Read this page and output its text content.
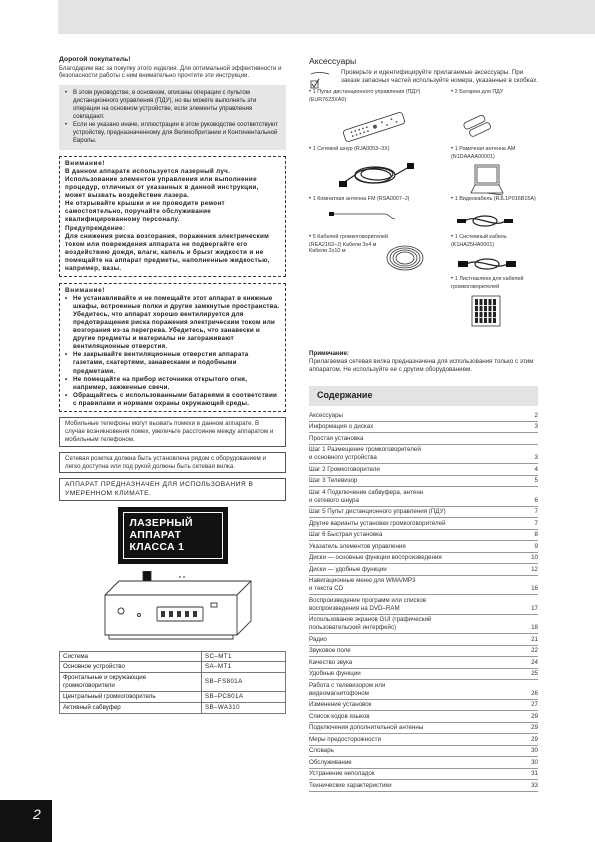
Дорогой покупатель!
Благодарим вас за покупку этого изделия. Для оптимальной эффективности и безопасности работы с ним внимательно прочтите эти инструкции.
• В этом руководстве, в основном, описаны операции с пультом дистанционного управления (ПДУ), но вы можете выполнять эти операции на основном устройстве, если элементы управления совпадают.
• Если не указано иначе, иллюстрации в этом руководстве соответствуют устройству, предназначенному для Великобритании и Континентальной Европы.
Внимание!
В данном аппарате используется лазерный луч. Использование элементов управления или выполнение процедур, отличных от указанных в данной инструкции, может вызвать воздействие лазера.
Не открывайте крышки и не проводите ремонт самостоятельно, поручайте обслуживание квалифицированному персоналу.
Предупреждение:
Для снижения риска возгорания, поражения электрическим током или повреждения аппарата не подвергайте его воздействию дождя, влаги, капель и брызг жидкости и не помещайте на аппарат предметы, наполненные жидкостью, например, вазы.
Внимание!
• Не устанавливайте и не помещайте этот аппарат в книжные шкафы, встроенные полки и другие замкнутые пространства. Убедитесь, что аппарат хорошо вентилируется для предотвращения риска поражения электрическим током или возгорания из-за перегрева. Убедитесь, что занавески и другие предметы и материалы не загораживают вентиляционные отверстия.
• Не закрывайте вентиляционные отверстия аппарата газетами, скатертями, занавесками и подобными предметами.
• Не помещайте на прибор источники открытого огня, например, зажженные свечи.
• Обращайтесь с использованными батареями в соответствии с правилами и нормами охраны окружающей среды.
Мобильные телефоны могут вызвать помехи в данном аппарате. В случае возникновения помех, увеличьте расстояние между аппаратом и мобильным телефоном.
Сетевая розетка должна быть установлена рядом с оборудованием и легко доступна или под рукой должны быть сетевая вилка.
АППАРАТ ПРЕДНАЗНАЧЕН ДЛЯ ИСПОЛЬЗОВАНИЯ В УМЕРЕННОМ КЛИМАТЕ.
ЛАЗЕРНЫЙ АППАРАТ
КЛАССА 1
Система	SC–MT1
Основное устройство	SA–MT1
Фронтальные и окружающие громкоговорители	SB–FS801A
Центральный громкоговоритель	SB–PC801A
Активный сабвуфер	SB–WA310
2
Аксессуары
Проверьте и идентифицируйте прилагаемые аксессуары. При заказе запасных частей используйте номера, указанные в скобках.
• 1 Пульт дистанционного управления (ПДУ) (EUR7623XA0)
• 2 Батареи для ПДУ
• 1 Сетевой шнур (RJA0053–3X)	• 1 Рамочная антенна AM (N1DAAAA00001)
• 1 Комнатная антенна FM (RSA0007–J)	• 1 Видеокабель (RJL1P016B15A)
• 5 Кабелей громкоговорителей (REA2163–J) Кабели 3x4 м Кабели 2x10 м
• 1 Системный кабель (K1HA25HA0001)
• 1 Листнаклеек для кабелей громкоговорителей
Примечание:
Прилагаемая сетевая вилка предназначена для использования только с этим аппаратом. Не используйте ее с другим оборудованием.
Содержание
Аксессуары	2
Информация о дисках	3
Простая установка
Шаг 1 Размещение громкоговорителей
и основного устройства	3
Шаг 2 Громкоговорители	4
Шаг 3 Телевизор	5
Шаг 4 Подключение сабвуфера, антенн
и сетевого шнура	6
Шаг 5 Пульт дистанционного управления (ПДУ)	7
Другие варианты установки громкоговорителей	7
Шаг 6 Быстрая установка	8
Указатель элементов управления	9
Диски — основные функции воспроизведения	10
Диски — удобные функции	12
Навигационные меню для WMA/MP3
и текста CD	16
Воспроизведение программ или списков
воспроизведения на DVD–RAM	17
Использование экранов GUI (графический
пользовательский интерфейс)	18
Радио	21
Звуковое поле	22
Качество звука	24
Удобные функции	25
Работа с телевизором или
видеомагнитофоном	26
Изменение установок	27
Список кодов языков	29
Подключения дополнительной антенны	29
Меры предосторожности	29
Словарь	30
Обслуживание	30
Устранение неполадок	31
Технические характеристики	33
